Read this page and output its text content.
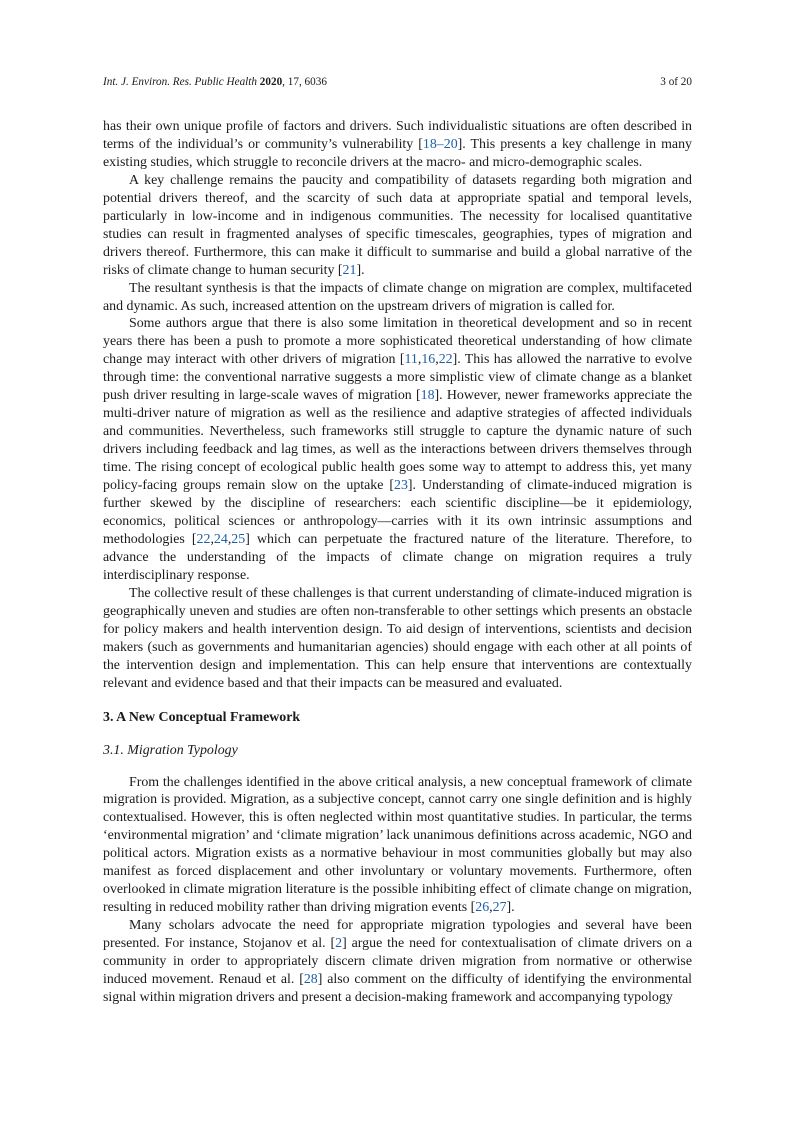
Int. J. Environ. Res. Public Health 2020, 17, 6036	3 of 20

has their own unique profile of factors and drivers. Such individualistic situations are often described in terms of the individual’s or community’s vulnerability [18–20]. This presents a key challenge in many existing studies, which struggle to reconcile drivers at the macro- and micro-demographic scales.

A key challenge remains the paucity and compatibility of datasets regarding both migration and potential drivers thereof, and the scarcity of such data at appropriate spatial and temporal levels, particularly in low-income and in indigenous communities. The necessity for localised quantitative studies can result in fragmented analyses of specific timescales, geographies, types of migration and drivers thereof. Furthermore, this can make it difficult to summarise and build a global narrative of the risks of climate change to human security [21].

The resultant synthesis is that the impacts of climate change on migration are complex, multifaceted and dynamic. As such, increased attention on the upstream drivers of migration is called for.

Some authors argue that there is also some limitation in theoretical development and so in recent years there has been a push to promote a more sophisticated theoretical understanding of how climate change may interact with other drivers of migration [11,16,22]. This has allowed the narrative to evolve through time: the conventional narrative suggests a more simplistic view of climate change as a blanket push driver resulting in large-scale waves of migration [18]. However, newer frameworks appreciate the multi-driver nature of migration as well as the resilience and adaptive strategies of affected individuals and communities. Nevertheless, such frameworks still struggle to capture the dynamic nature of such drivers including feedback and lag times, as well as the interactions between drivers themselves through time. The rising concept of ecological public health goes some way to attempt to address this, yet many policy-facing groups remain slow on the uptake [23]. Understanding of climate-induced migration is further skewed by the discipline of researchers: each scientific discipline—be it epidemiology, economics, political sciences or anthropology—carries with it its own intrinsic assumptions and methodologies [22,24,25] which can perpetuate the fractured nature of the literature. Therefore, to advance the understanding of the impacts of climate change on migration requires a truly interdisciplinary response.

The collective result of these challenges is that current understanding of climate-induced migration is geographically uneven and studies are often non-transferable to other settings which presents an obstacle for policy makers and health intervention design. To aid design of interventions, scientists and decision makers (such as governments and humanitarian agencies) should engage with each other at all points of the intervention design and implementation. This can help ensure that interventions are contextually relevant and evidence based and that their impacts can be measured and evaluated.

3. A New Conceptual Framework
3.1. Migration Typology

From the challenges identified in the above critical analysis, a new conceptual framework of climate migration is provided. Migration, as a subjective concept, cannot carry one single definition and is highly contextualised. However, this is often neglected within most quantitative studies. In particular, the terms ‘environmental migration’ and ‘climate migration’ lack unanimous definitions across academic, NGO and political actors. Migration exists as a normative behaviour in most communities globally but may also manifest as forced displacement and other involuntary or voluntary movements. Furthermore, often overlooked in climate migration literature is the possible inhibiting effect of climate change on migration, resulting in reduced mobility rather than driving migration events [26,27].

Many scholars advocate the need for appropriate migration typologies and several have been presented. For instance, Stojanov et al. [2] argue the need for contextualisation of climate drivers on a community in order to appropriately discern climate driven migration from normative or otherwise induced movement. Renaud et al. [28] also comment on the difficulty of identifying the environmental signal within migration drivers and present a decision-making framework and accompanying typology
